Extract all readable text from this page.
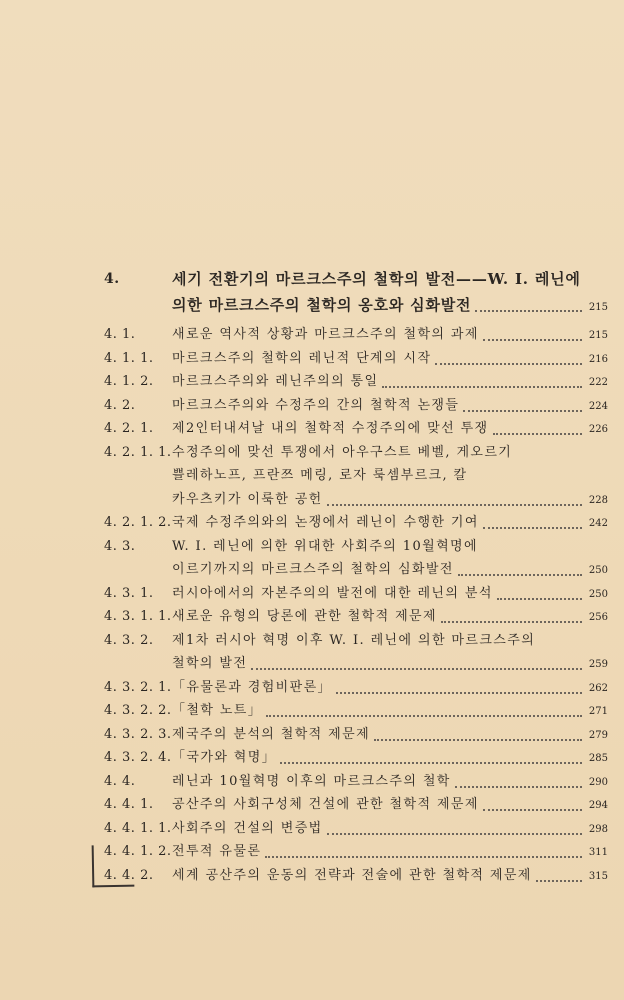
4.	세기 전환기의 마르크스주의 철학의 발전——W. I. 레닌에
의한 마르크스주의 철학의 옹호와 심화발전	215
4. 1.	새로운 역사적 상황과 마르크스주의 철학의 과제	215
4. 1. 1. 마르크스주의 철학의 레닌적 단계의 시작	216
4. 1. 2. 마르크스주의와 레닌주의의 통일	222
4. 2.	마르크스주의와 수정주의 간의 철학적 논쟁들	224
4. 2. 1. 제2인터내셔날 내의 철학적 수정주의에 맞선 투쟁	226
4. 2. 1. 1. 수정주의에 맞선 투쟁에서 아우구스트 베벨, 게오르기
쁠레하노프, 프란쯔 메링, 로자 룩셈부르크, 칼
카우츠키가 이룩한 공헌	228
4. 2. 1. 2. 국제 수정주의와의 논쟁에서 레닌이 수행한 기여	242
4. 3.	W. I. 레닌에 의한 위대한 사회주의 10월혁명에
이르기까지의 마르크스주의 철학의 심화발전	250
4. 3. 1. 러시아에서의 자본주의의 발전에 대한 레닌의 분석	250
4. 3. 1. 1. 새로운 유형의 당론에 관한 철학적 제문제	256
4. 3. 2. 제1차 러시아 혁명 이후 W. I. 레닌에 의한 마르크스주의
철학의 발전	259
4. 3. 2. 1. 「유물론과 경험비판론」	262
4. 3. 2. 2. 「철학 노트」	271
4. 3. 2. 3. 제국주의 분석의 철학적 제문제	279
4. 3. 2. 4. 「국가와 혁명」	285
4. 4.	레닌과 10월혁명 이후의 마르크스주의 철학	290
4. 4. 1. 공산주의 사회구성체 건설에 관한 철학적 제문제	294
4. 4. 1. 1. 사회주의 건설의 변증법	298
4. 4. 1. 2. 전투적 유물론	311
4. 4. 2. 세계 공산주의 운동의 전략과 전술에 관한 철학적 제문제	315
